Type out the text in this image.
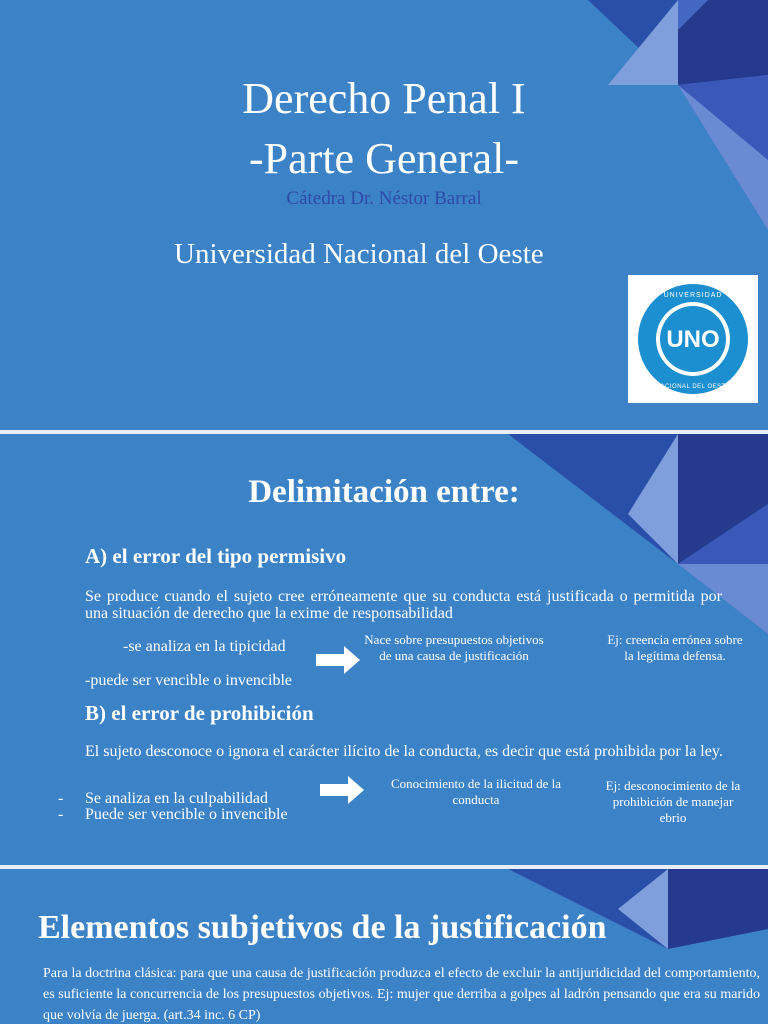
Derecho Penal I

-Parte General-

Cátedra Dr. Néstor Barral

Universidad Nacional del Oeste

UNO
UNIVERSIDAD
NACIONAL DEL OESTE

Delimitación entre:

A) el error del tipo permisivo

Se produce cuando el sujeto cree erróneamente que su conducta está justificada o permitida por una situación de derecho que la exime de responsabilidad

-se analiza en la tipicidad	Nace sobre presupuestos objetivos
de una causa de justificación
Ej: creencia errónea sobre
la legítima defensa.

-puede ser vencible o invencible

B) el error de prohibición

El sujeto desconoce o ignora el carácter ilícito de la conducta, es decir que está prohibida por la ley.

- Se analiza en la culpabilidad

- Puede ser vencible o invencible

Conocimiento de la ilicitud de la
conducta
Ej: desconocimiento de la
prohibición de manejar
ebrio

Elementos subjetivos de la justificación

Para la doctrina clásica: para que una causa de justificación produzca el efecto de excluir la antijuridicidad del comportamiento, es suficiente la concurrencia de los presupuestos objetivos. Ej: mujer que derriba a golpes al ladrón pensando que era su marido que volvía de juerga. (art.34 inc. 6 CP)
